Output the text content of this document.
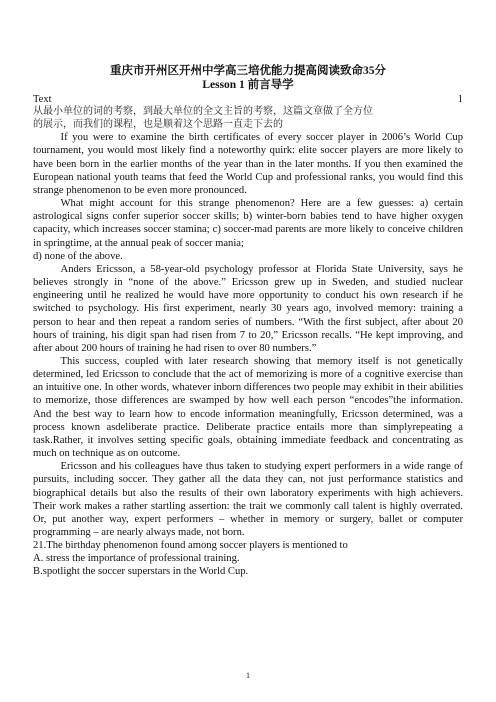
重庆市开州区开州中学高三培优能力提高阅读致命35分
Lesson 1 前言导学
Text	1

从最小单位的词的考察，到最大单位的全文主旨的考察，这篇文章做了全方位

的展示，而我们的课程，也是顺着这个思路一直走下去的

If you were to examine the birth certificates of every soccer player in 2006’s World Cup tournament, you would most likely find a noteworthy quirk: elite soccer players are more likely to have been born in the earlier months of the year than in the later months. If you then examined the European national youth teams that feed the World Cup and professional ranks, you would find this strange phenomenon to be even more pronounced.

What might account for this strange phenomenon? Here are a few guesses: a) certain astrological signs confer superior soccer skills; b) winter-born babies tend to have higher oxygen capacity, which increases soccer stamina; c) soccer-mad parents are more likely to conceive children in springtime, at the annual peak of soccer mania;

d) none of the above.

Anders Ericsson, a 58-year-old psychology professor at Florida State University, says he believes strongly in “none of the above.” Ericsson grew up in Sweden, and studied nuclear engineering until he realized he would have more opportunity to conduct his own research if he switched to psychology. His first experiment, nearly 30 years ago, involved memory: training a person to hear and then repeat a random series of numbers. “With the first subject, after about 20 hours of training, his digit span had risen from 7 to 20,” Ericsson recalls. “He kept improving, and after about 200 hours of training he had risen to over 80 numbers.”

This success, coupled with later research showing that memory itself is not genetically determined, led Ericsson to conclude that the act of memorizing is more of a cognitive exercise than an intuitive one. In other words, whatever inborn differences two people may exhibit in their abilities to memorize, those differences are swamped by how well each person “encodes”the information. And the best way to learn how to encode information meaningfully, Ericsson determined, was a process known asdeliberate practice. Deliberate practice entails more than simplyrepeating a task.Rather, it involves setting specific goals, obtaining immediate feedback and concentrating as much on technique as on outcome.

Ericsson and his colleagues have thus taken to studying expert performers in a wide range of pursuits, including soccer. They gather all the data they can, not just performance statistics and biographical details but also the results of their own laboratory experiments with high achievers. Their work makes a rather startling assertion: the trait we commonly call talent is highly overrated. Or, put another way, expert performers – whether in memory or surgery, ballet or computer programming – are nearly always made, not born.

21.The birthday phenomenon found among soccer players is mentioned to

A. stress the importance of professional training.

B.spotlight the soccer superstars in the World Cup.

1
